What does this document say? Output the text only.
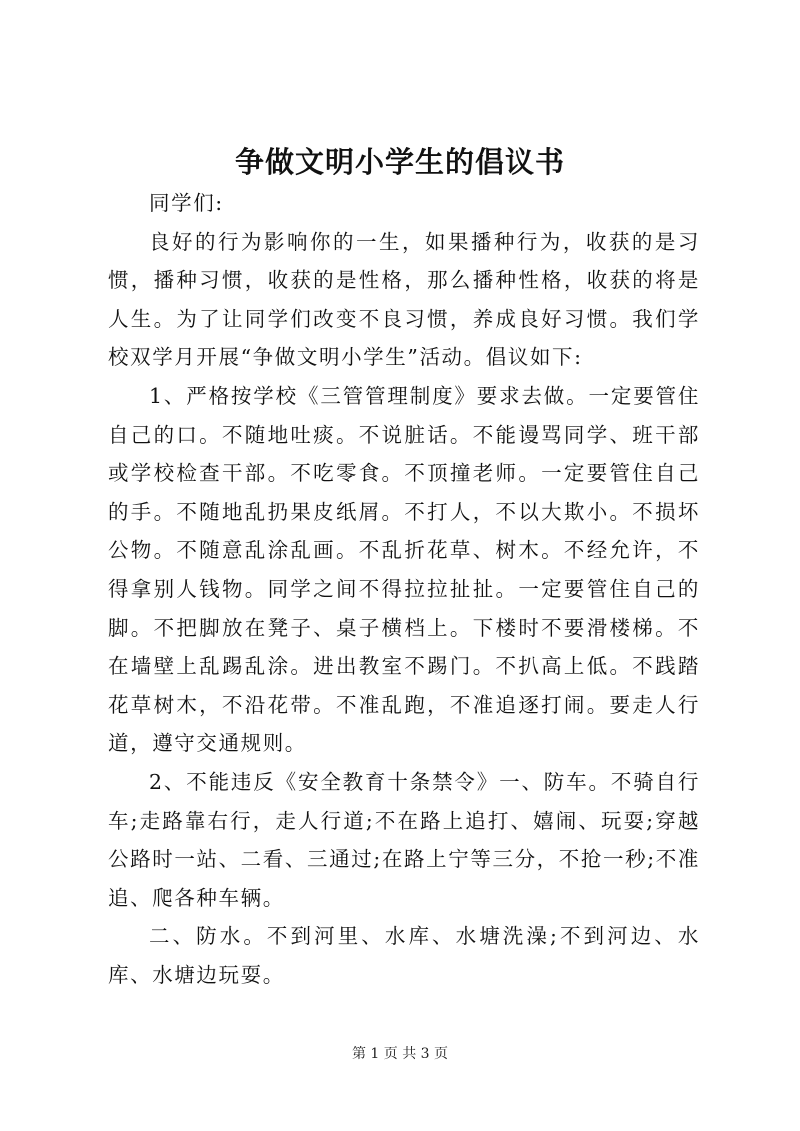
争做文明小学生的倡议书

同学们:

良好的行为影响你的一生，如果播种行为，收获的是习惯，播种习惯，收获的是性格，那么播种性格，收获的将是人生。为了让同学们改变不良习惯，养成良好习惯。我们学校双学月开展“争做文明小学生”活动。倡议如下:

1、严格按学校《三管管理制度》要求去做。一定要管住自己的口。不随地吐痰。不说脏话。不能谩骂同学、班干部或学校检查干部。不吃零食。不顶撞老师。一定要管住自己的手。不随地乱扔果皮纸屑。不打人，不以大欺小。不损坏公物。不随意乱涂乱画。不乱折花草、树木。不经允许，不得拿别人钱物。同学之间不得拉拉扯扯。一定要管住自己的脚。不把脚放在凳子、桌子横档上。下楼时不要滑楼梯。不在墙壁上乱踢乱涂。进出教室不踢门。不扒高上低。不践踏花草树木，不沿花带。不准乱跑，不准追逐打闹。要走人行道，遵守交通规则。

2、不能违反《安全教育十条禁令》一、防车。不骑自行车;走路靠右行，走人行道;不在路上追打、嬉闹、玩耍;穿越公路时一站、二看、三通过;在路上宁等三分，不抢一秒;不准追、爬各种车辆。

二、防水。不到河里、水库、水塘洗澡;不到河边、水库、水塘边玩耍。

第 1 页 共 3 页
